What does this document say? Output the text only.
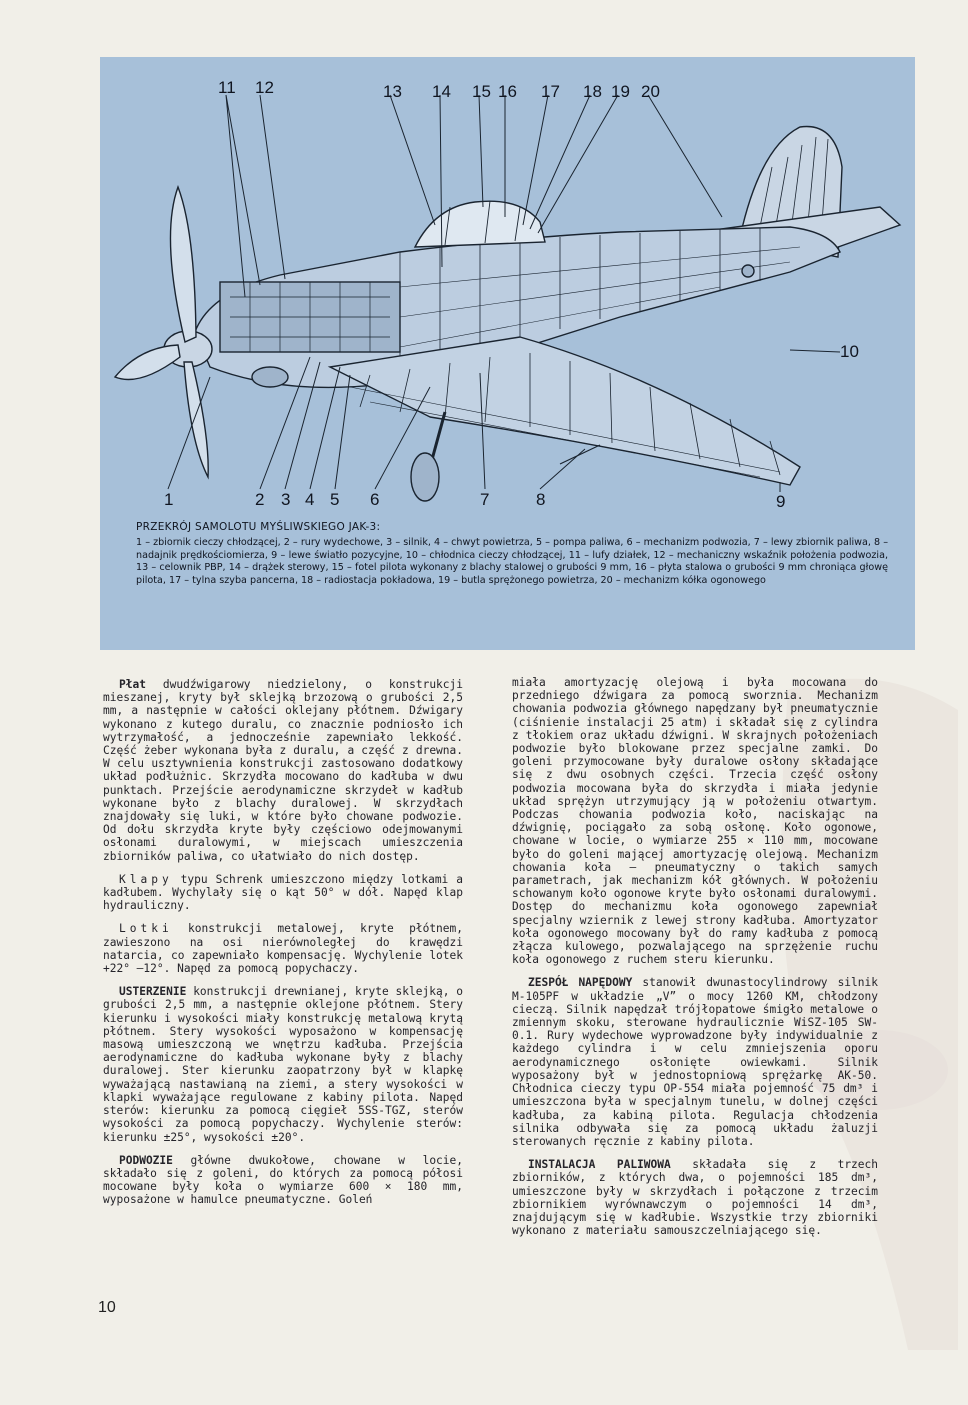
11 12	13 14 15 16 17 18 19 20
1	2 3 4 5 6	7	8	9
10
PRZEKRÓJ SAMOLOTU MYŚLIWSKIEGO JAK-3:
1 – zbiornik cieczy chłodzącej, 2 – rury wydechowe, 3 – silnik, 4 – chwyt powietrza, 5 – pompa paliwa, 6 – mechanizm podwozia, 7 – lewy zbiornik paliwa, 8 – nadajnik prędkościomierza, 9 – lewe światło pozycyjne, 10 – chłodnica cieczy chłodzącej, 11 – lufy działek, 12 – mechaniczny wskaźnik położenia podwozia, 13 – celownik PBP, 14 – drążek sterowy, 15 – fotel pilota wykonany z blachy stalowej o grubości 9 mm, 16 – płyta stalowa o grubości 9 mm chroniąca głowę pilota, 17 – tylna szyba pancerna, 18 – radiostacja pokładowa, 19 – butla sprężonego powietrza, 20 – mechanizm kółka ogonowego

Płat dwudźwigarowy niedzielony, o konstrukcji mieszanej, kryty był sklejką brzozową o grubości 2,5 mm, a następnie w całości oklejany płótnem. Dźwigary wykonano z kutego duralu, co znacznie podniosło ich wytrzymałość, a jednocześnie zapewniało lekkość. Część żeber wykonana była z duralu, a część z drewna. W celu usztywnienia konstrukcji zastosowano dodatkowy układ podłużnic. Skrzydła mocowano do kadłuba w dwu punktach. Przejście aerodynamiczne skrzydeł w kadłub wykonane było z blachy duralowej. W skrzydłach znajdowały się luki, w które było chowane podwozie. Od dołu skrzydła kryte były częściowo odejmowanymi osłonami duralowymi, w miejscach umieszczenia zbiorników paliwa, co ułatwiało do nich dostęp.

Klapy typu Schrenk umieszczono między lotkami a kadłubem. Wychylały się o kąt 50° w dół. Napęd klap hydrauliczny.

Lotki konstrukcji metalowej, kryte płótnem, zawieszono na osi nierównoległej do krawędzi natarcia, co zapewniało kompensację. Wychylenie lotek +22° –12°. Napęd za pomocą popychaczy.

USTERZENIE konstrukcji drewnianej, kryte sklejką, o grubości 2,5 mm, a następnie oklejone płótnem. Stery kierunku i wysokości miały konstrukcję metalową krytą płótnem. Stery wysokości wyposażono w kompensację masową umieszczoną we wnętrzu kadłuba. Przejścia aerodynamiczne do kadłuba wykonane były z blachy duralowej. Ster kierunku zaopatrzony był w klapkę wyważającą nastawianą na ziemi, a stery wysokości w klapki wyważające regulowane z kabiny pilota. Napęd sterów: kierunku za pomocą cięgieł 5SS-TGZ, sterów wysokości za pomocą popychaczy. Wychylenie sterów: kierunku ±25°, wysokości ±20°.

PODWOZIE główne dwukołowe, chowane w locie, składało się z goleni, do których za pomocą półosi mocowane były koła o wymiarze 600 × 180 mm, wyposażone w hamulce pneumatyczne. Goleń

miała amortyzację olejową i była mocowana do przedniego dźwigara za pomocą sworznia. Mechanizm chowania podwozia głównego napędzany był pneumatycznie (ciśnienie instalacji 25 atm) i składał się z cylindra z tłokiem oraz układu dźwigni. W skrajnych położeniach podwozie było blokowane przez specjalne zamki. Do goleni przymocowane były duralowe osłony składające się z dwu osobnych części. Trzecia część osłony podwozia mocowana była do skrzydła i miała jedynie układ sprężyn utrzymujący ją w położeniu otwartym. Podczas chowania podwozia koło, naciskając na dźwignię, pociągało za sobą osłonę. Koło ogonowe, chowane w locie, o wymiarze 255 × 110 mm, mocowane było do goleni mającej amortyzację olejową. Mechanizm chowania koła — pneumatyczny o takich samych parametrach, jak mechanizm kół głównych. W położeniu schowanym koło ogonowe kryte było osłonami duralowymi. Dostęp do mechanizmu koła ogonowego zapewniał specjalny wziernik z lewej strony kadłuba. Amortyzator koła ogonowego mocowany był do ramy kadłuba z pomocą złącza kulowego, pozwalającego na sprzężenie ruchu koła ogonowego z ruchem steru kierunku.

ZESPÓŁ NAPĘDOWY stanowił dwunastocylindrowy silnik M-105PF w układzie „V” o mocy 1260 KM, chłodzony cieczą. Silnik napędzał trójłopatowe śmigło metalowe o zmiennym skoku, sterowane hydraulicznie WiSZ-105 SW-0.1. Rury wydechowe wyprowadzone były indywidualnie z każdego cylindra i w celu zmniejszenia oporu aerodynamicznego osłonięte owiewkami. Silnik wyposażony był w jednostopniową sprężarkę AK-50. Chłodnica cieczy typu OP-554 miała pojemność 75 dm³ i umieszczona była w specjalnym tunelu, w dolnej części kadłuba, za kabiną pilota. Regulacja chłodzenia silnika odbywała się za pomocą układu żaluzji sterowanych ręcznie z kabiny pilota.

INSTALACJA PALIWOWA składała się z trzech zbiorników, z których dwa, o pojemności 185 dm³, umieszczone były w skrzydłach i połączone z trzecim zbiornikiem wyrównawczym o pojemności 14 dm³, znajdującym się w kadłubie. Wszystkie trzy zbiorniki wykonano z materiału samouszczelniającego się.

10
